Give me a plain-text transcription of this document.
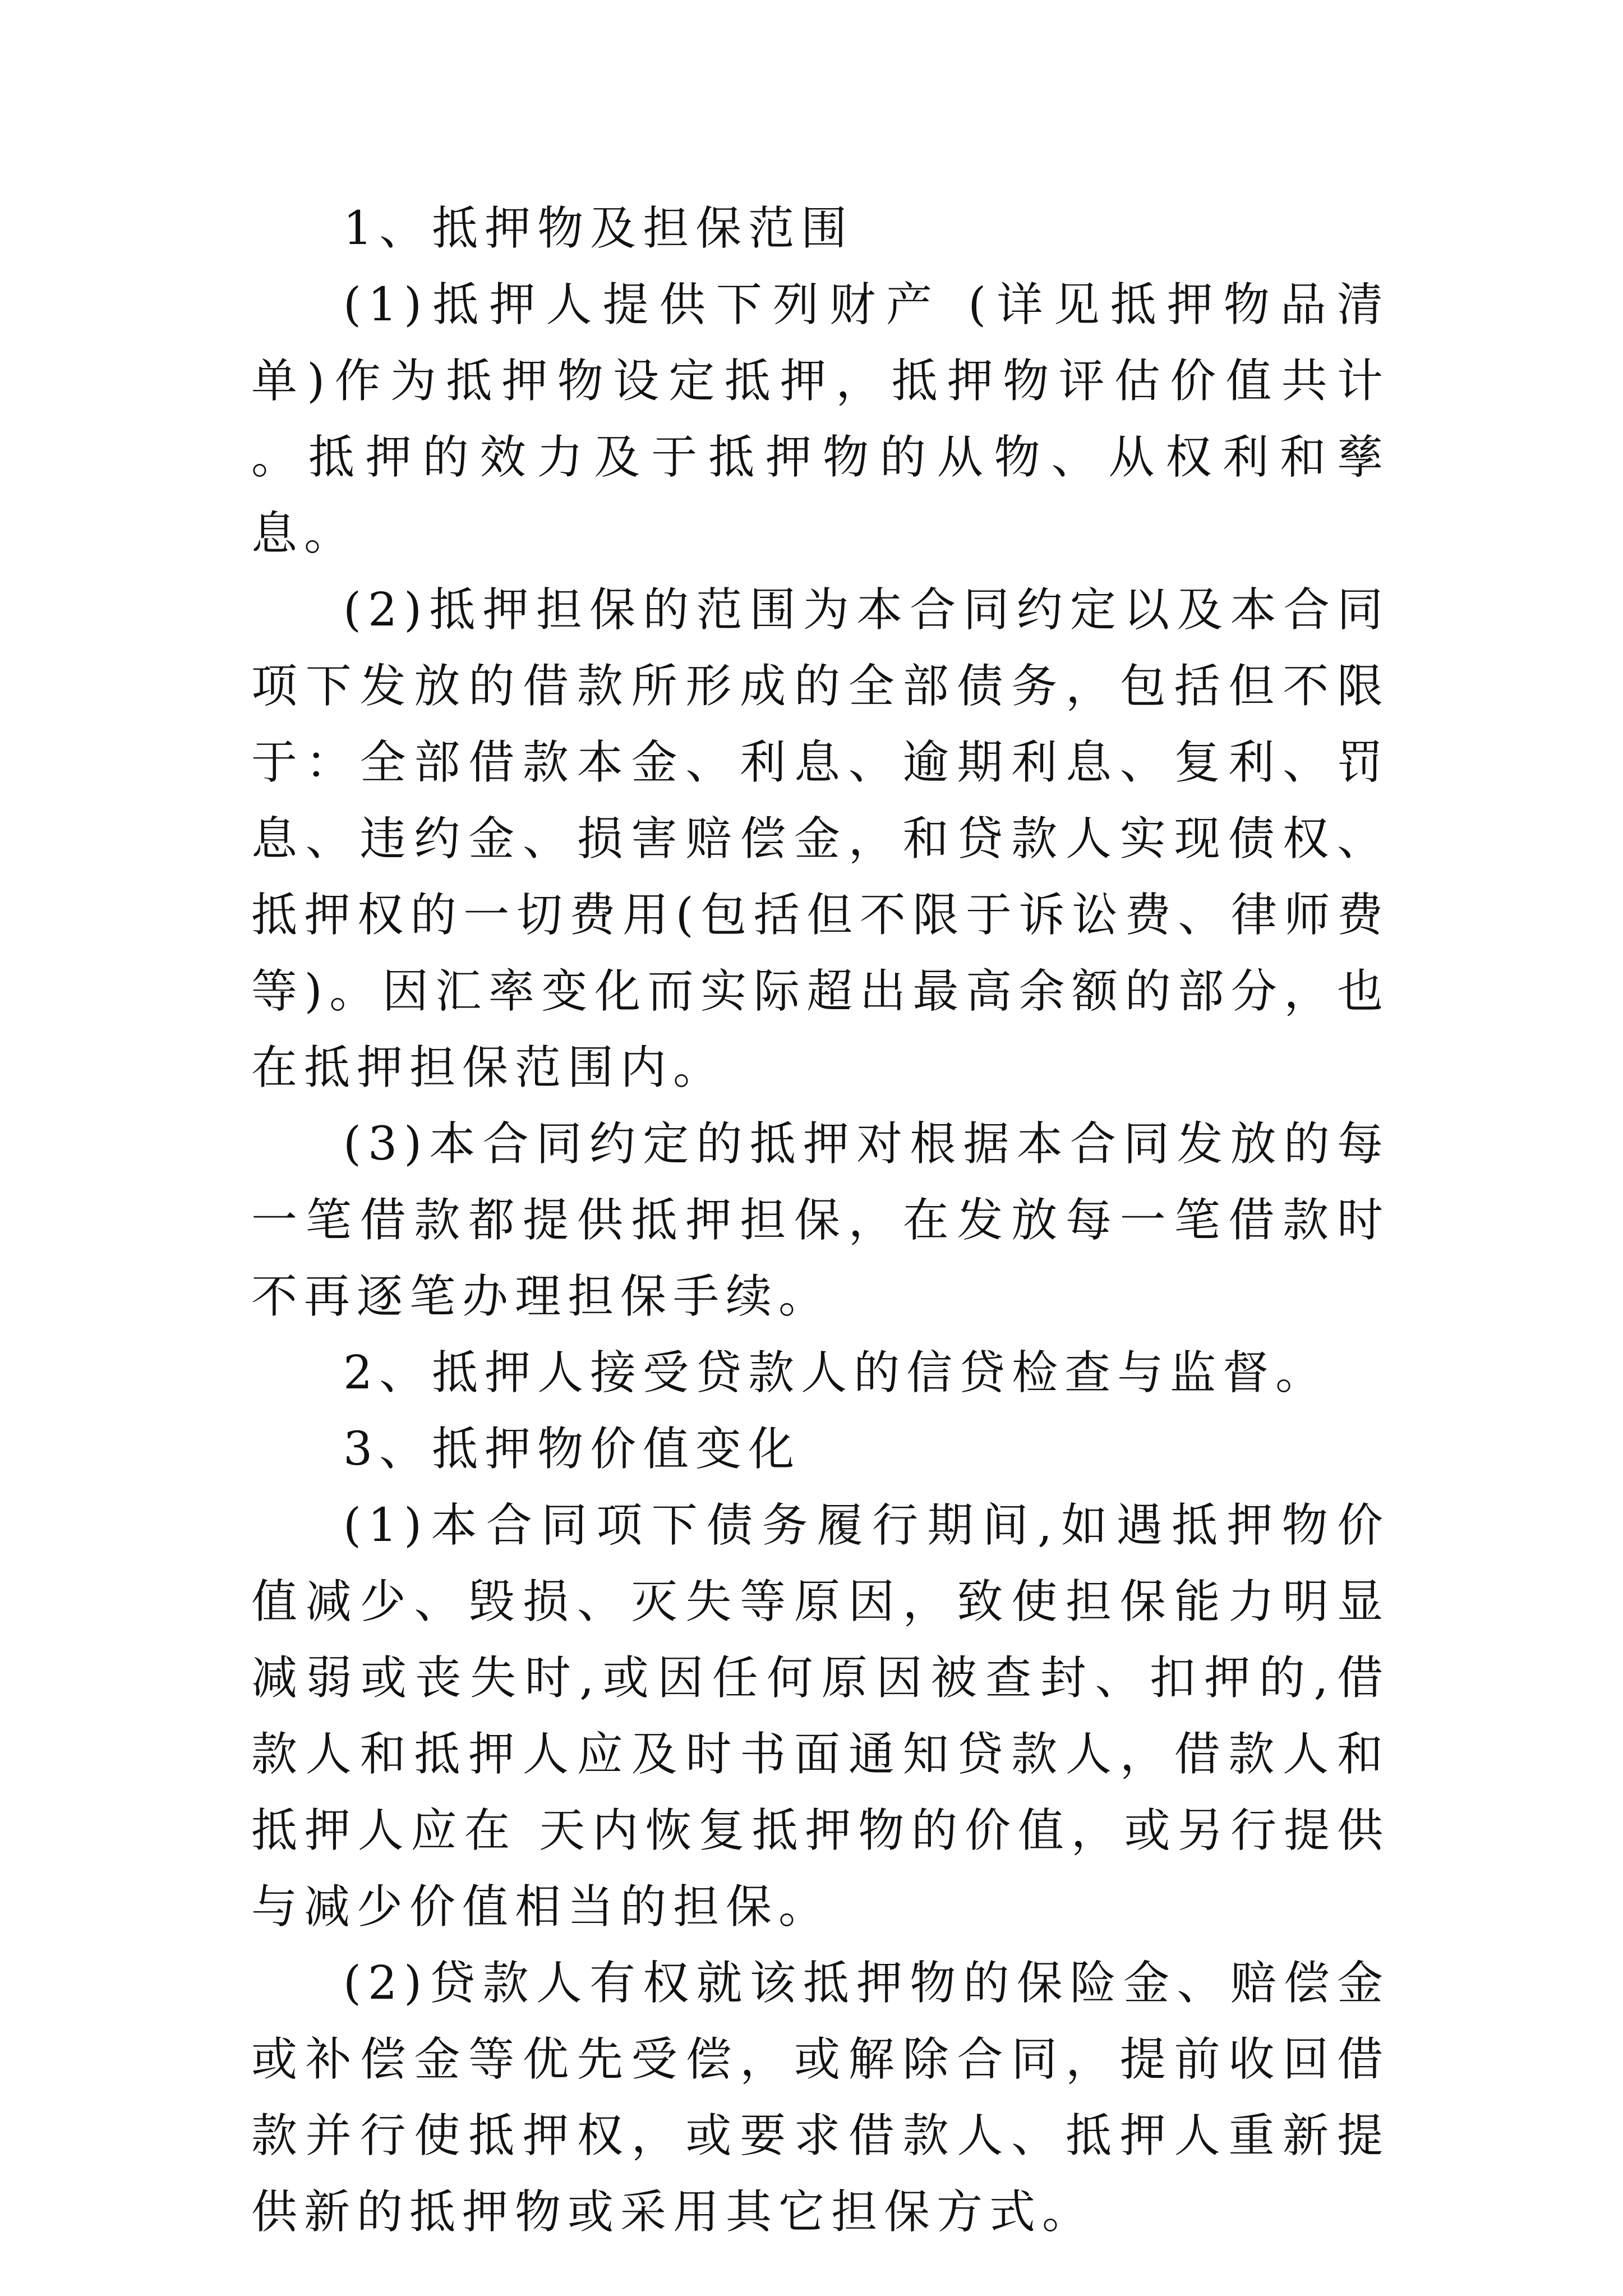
1、抵押物及担保范围

(1)抵押人提供下列财产 (详见抵押物品清单)作为抵押物设定抵押，抵押物评估价值共计 。抵押的效力及于抵押物的从物、从权利和孳息。

(2)抵押担保的范围为本合同约定以及本合同项下发放的借款所形成的全部债务，包括但不限于：全部借款本金、利息、逾期利息、复利、罚息、违约金、损害赔偿金，和贷款人实现债权、抵押权的一切费用(包括但不限于诉讼费、律师费等)。因汇率变化而实际超出最高余额的部分，也在抵押担保范围内。

(3)本合同约定的抵押对根据本合同发放的每一笔借款都提供抵押担保，在发放每一笔借款时不再逐笔办理担保手续。

2、抵押人接受贷款人的信贷检查与监督。

3、抵押物价值变化

(1)本合同项下债务履行期间,如遇抵押物价值减少、毁损、灭失等原因，致使担保能力明显减弱或丧失时,或因任何原因被查封、扣押的,借款人和抵押人应及时书面通知贷款人，借款人和抵押人应在 天内恢复抵押物的价值，或另行提供与减少价值相当的担保。

(2)贷款人有权就该抵押物的保险金、赔偿金或补偿金等优先受偿，或解除合同，提前收回借款并行使抵押权，或要求借款人、抵押人重新提供新的抵押物或采用其它担保方式。
